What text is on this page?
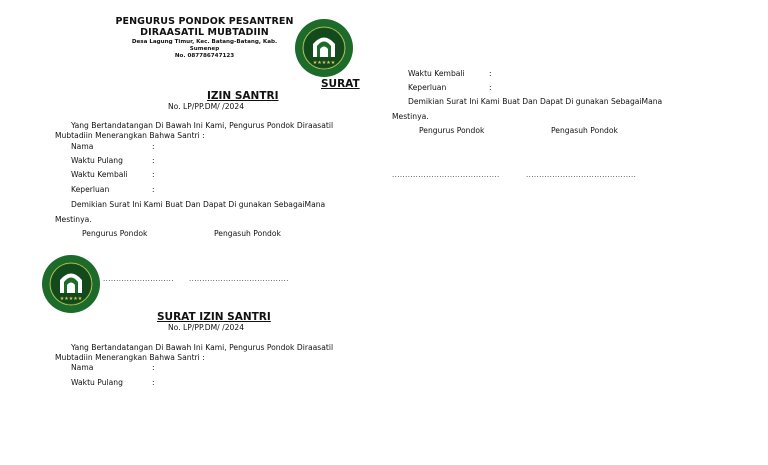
PENGURUS PONDOK PESANTREN
DIRAASATIL MUBTADIIN
Desa Lagung Timur, Kec. Batang-Batang, Kab.
Sumenep
No. 087786747123
★★★★★
SURAT
IZIN SANTRI
No. LP/PP.DM/ /2024
Yang Bertandatangan Di Bawah Ini Kami, Pengurus Pondok Diraasatil
Mubtadiin Menerangkan Bahwa Santri :
Nama	:
Waktu Pulang	:
Waktu Kembali	:
Keperluan	:
Demikian Surat Ini Kami Buat Dan Dapat Di gunakan SebagaiMana
Mestinya.
Pengurus Pondok	Pengasuh Pondok
★★★★★
........................... ......................................
SURAT IZIN SANTRI
No. LP/PP.DM/ /2024
Yang Bertandatangan Di Bawah Ini Kami, Pengurus Pondok Diraasatil
Mubtadiin Menerangkan Bahwa Santri :
Nama	:
Waktu Pulang	:
Waktu Kembali	:
Keperluan	:
Demikian Surat Ini Kami Buat Dan Dapat Di gunakan SebagaiMana
Mestinya.
Pengurus Pondok	Pengasuh Pondok
.........................................	..........................................
